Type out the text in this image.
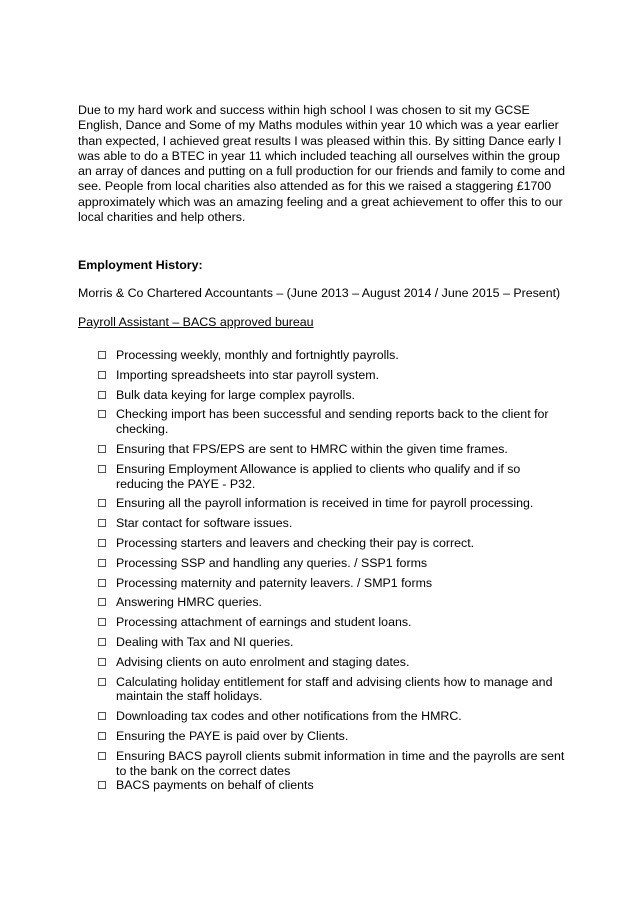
Due to my hard work and success within high school I was chosen to sit my GCSE English, Dance and Some of my Maths modules within year 10 which was a year earlier than expected, I achieved great results I was pleased within this. By sitting Dance early I was able to do a BTEC in year 11 which included teaching all ourselves within the group an array of dances and putting on a full production for our friends and family to come and see. People from local charities also attended as for this we raised a staggering £1700 approximately which was an amazing feeling and a great achievement to offer this to our local charities and help others.

Employment History:

Morris & Co Chartered Accountants – (June 2013 – August 2014 / June 2015 – Present)

Payroll Assistant – BACS approved bureau

Processing weekly, monthly and fortnightly payrolls.
Importing spreadsheets into star payroll system.
Bulk data keying for large complex payrolls.
Checking import has been successful and sending reports back to the client for checking.
Ensuring that FPS/EPS are sent to HMRC within the given time frames.
Ensuring Employment Allowance is applied to clients who qualify and if so reducing the PAYE - P32.
Ensuring all the payroll information is received in time for payroll processing.
Star contact for software issues.
Processing starters and leavers and checking their pay is correct.
Processing SSP and handling any queries. / SSP1 forms
Processing maternity and paternity leavers. / SMP1 forms
Answering HMRC queries.
Processing attachment of earnings and student loans.
Dealing with Tax and NI queries.
Advising clients on auto enrolment and staging dates.
Calculating holiday entitlement for staff and advising clients how to manage and maintain the staff holidays.
Downloading tax codes and other notifications from the HMRC.
Ensuring the PAYE is paid over by Clients.
Ensuring BACS payroll clients submit information in time and the payrolls are sent to the bank on the correct dates
BACS payments on behalf of clients
